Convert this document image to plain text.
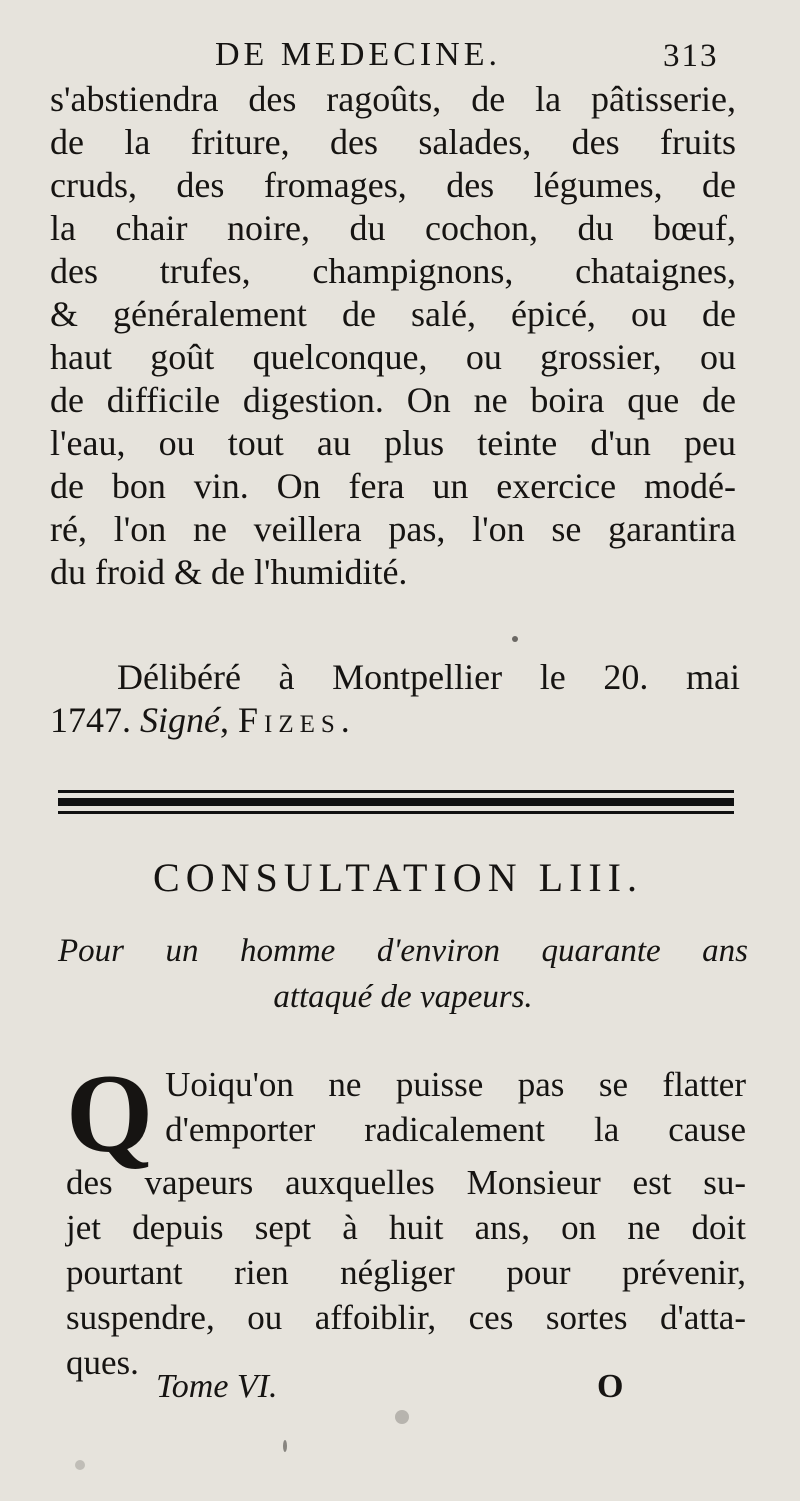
DE MEDECINE.	313
s'abstiendra des ragoûts, de la pâtisserie,
de la friture, des salades, des fruits
cruds, des fromages, des légumes, de
la chair noire, du cochon, du bœuf,
des trufes, champignons, chataignes,
& généralement de salé, épicé, ou de
haut goût quelconque, ou grossier, ou
de difficile digestion. On ne boira que de
l'eau, ou tout au plus teinte d'un peu
de bon vin. On fera un exercice modé-
ré, l'on ne veillera pas, l'on se garantira
du froid & de l'humidité.
Délibéré à Montpellier le 20. mai
1747. Signé, Fizes.
CONSULTATION LIII.
Pour un homme d'environ quarante ans
attaqué de vapeurs.
Q Uoiqu'on ne puisse pas se flatter
d'emporter radicalement la cause
des vapeurs auxquelles Monsieur est su-
jet depuis sept à huit ans, on ne doit
pourtant rien négliger pour prévenir,
suspendre, ou affoiblir, ces sortes d'atta-
ques.
Tome VI.	O
